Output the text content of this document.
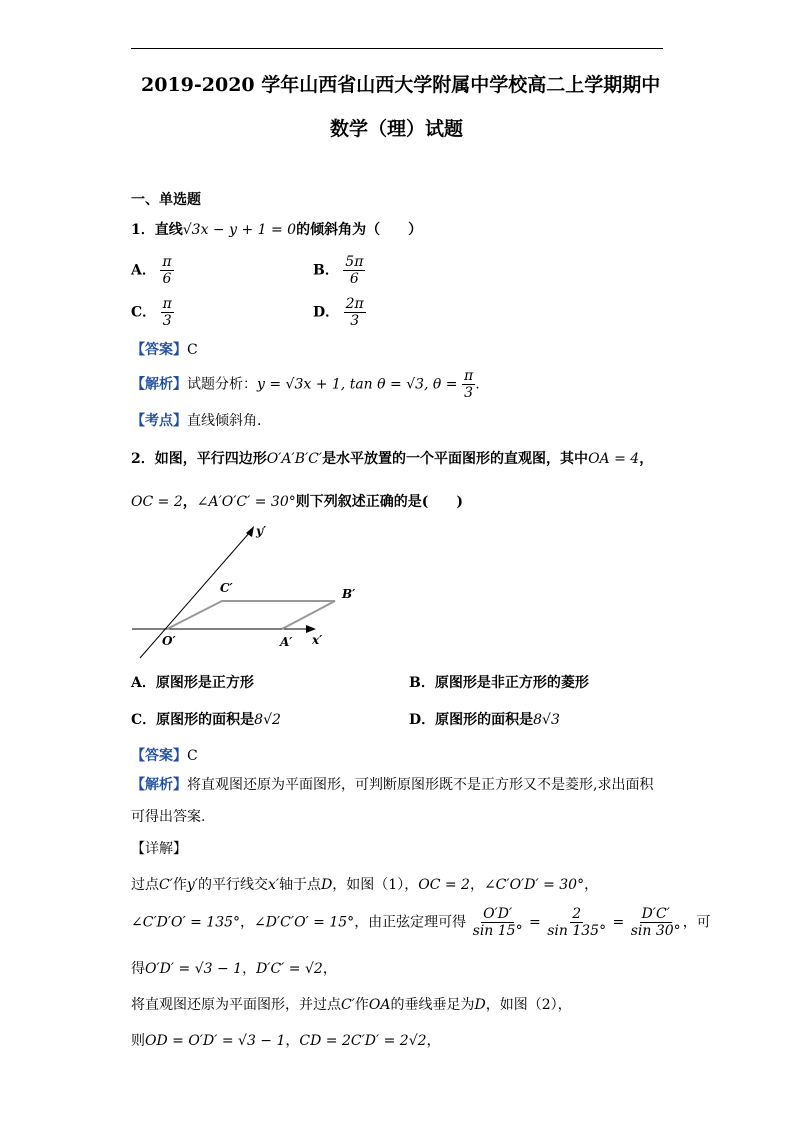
2019-2020 学年山西省山西大学附属中学校高二上学期期中
数学（理）试题
一、单选题
1．直线√3x − y + 1 = 0的倾斜角为（　　）
A． $\frac{\pi}{6}$	B． $\frac{5\pi}{6}$
C． $\frac{\pi}{3}$	D． $\frac{2\pi}{3}$
【答案】C
【解析】试题分析：y = √3x + 1, tan θ = √3, $\theta = \frac{\pi}{3}$ .
【考点】直线倾斜角．
2．如图，平行四边形O′A′B′C′是水平放置的一个平面图形的直观图，其中OA = 4，
OC = 2，∠A′O′C′ = 30°则下列叙述正确的是(　　)
y′
C′	B′
O′	A′ x′
A．原图形是正方形	B．原图形是非正方形的菱形
C．原图形的面积是8√2	D．原图形的面积是8√3
【答案】C
【解析】将直观图还原为平面图形，可判断原图形既不是正方形又不是菱形,求出面积
可得出答案.
【详解】
过点C′作y′的平行线交x′轴于点D，如图（1），OC = 2，∠C′O′D′ = 30°，
∠C′D′O′ = 135°，∠D′C′O′ = 15°，由正弦定理可得 $\frac{O'D'}{\sin 15^\circ} = \frac{2}{\sin 135^\circ} = \frac{D'C'}{\sin 30^\circ}$ ，可
得O′D′ = √3 − 1，D′C′ = √2，
将直观图还原为平面图形，并过点C′作OA的垂线垂足为D，如图（2），
则OD = O′D′ = √3 − 1，CD = 2C′D′ = 2√2，
